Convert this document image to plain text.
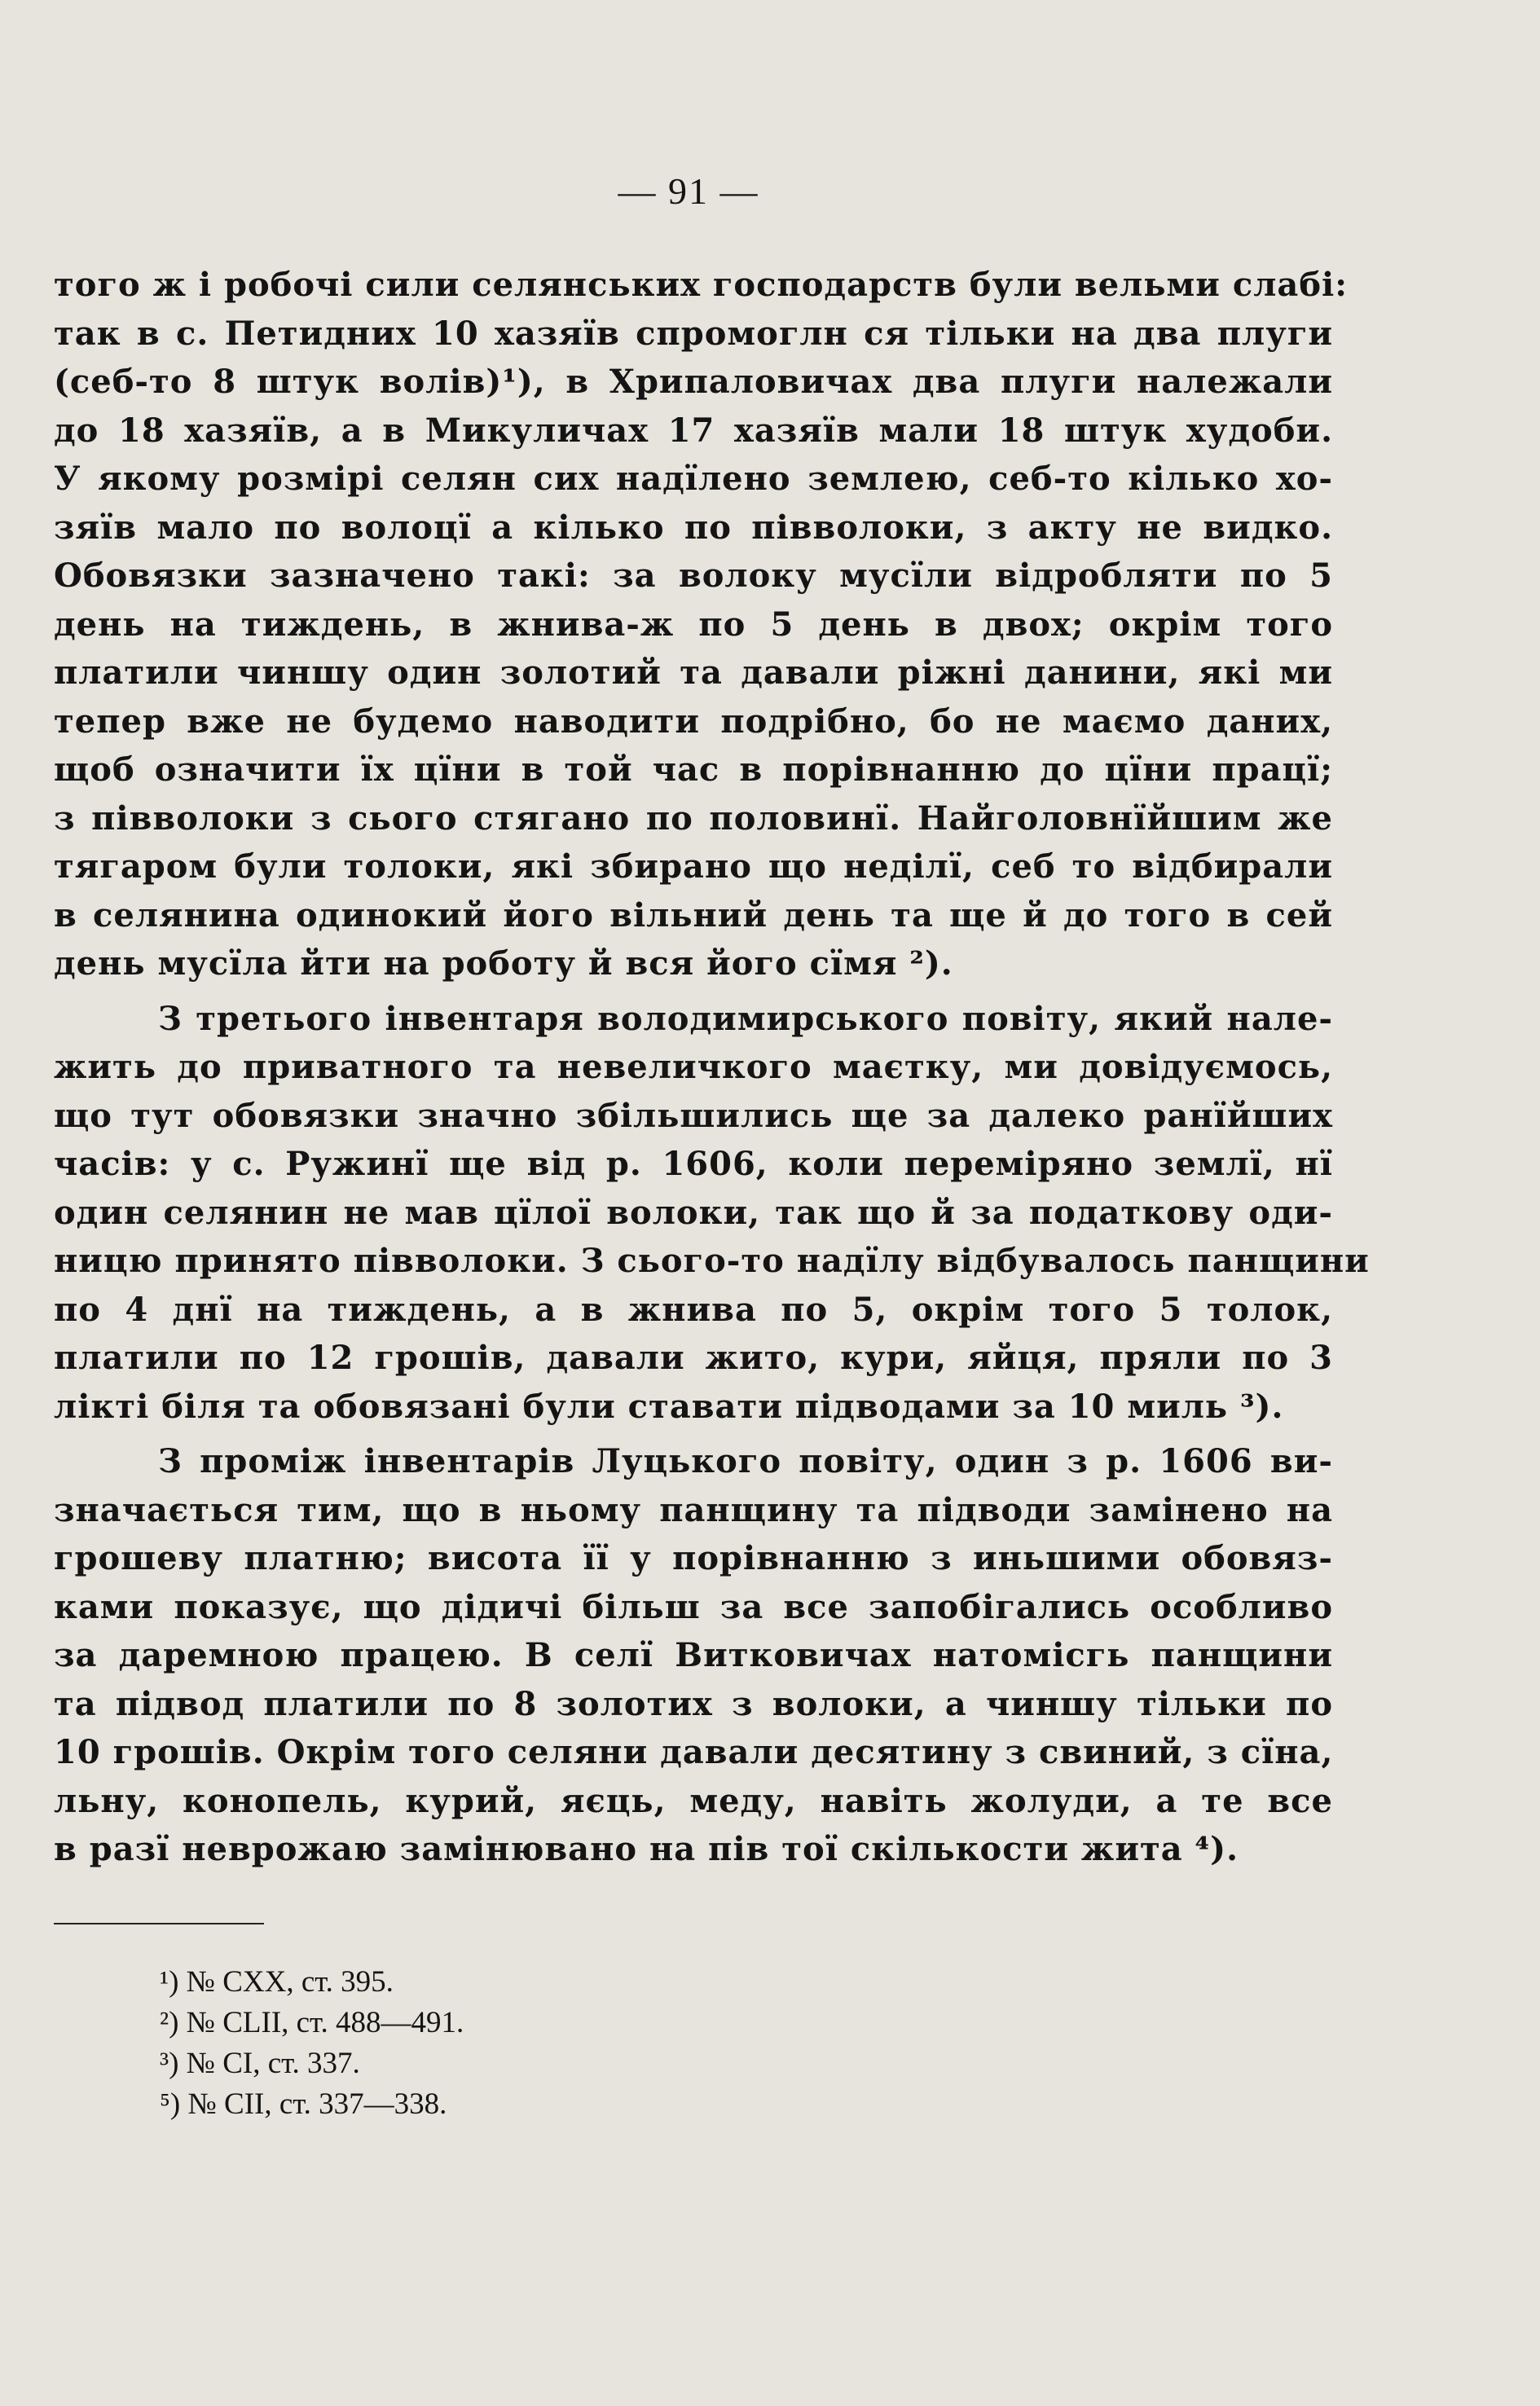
— 91 —
того ж і робочі сили селянських господарств були вельми слабі:
так в с. Петидних 10 хазяїв спромоглн ся тільки на два плуги
(себ-то 8 штук волів)¹), в Хрипаловичах два плуги належали
до 18 хазяїв, а в Микуличах 17 хазяїв мали 18 штук худоби.
У якому розмірі селян сих надїлено землею, себ-то кілько хо-
зяїв мало по волоцї а кілько по півволоки, з акту не видко.
Обовязки зазначено такі: за волоку мусїли відробляти по 5
день на тиждень, в жнива-ж по 5 день в двох; окрім того
платили чиншу один золотий та давали ріжні данини, які ми
тепер вже не будемо наводити подрібно, бо не маємо даних,
щоб означити їх цїни в той час в порівнанню до цїни працї;
з півволоки з сього стягано по половинї. Найголовнїйшим же
тягаром були толоки, які збирано що неділї, себ то відбирали
в селянина одинокий його вільний день та ще й до того в сей
день мусїла йти на роботу й вся його сїмя ²).
З третього інвентаря володимирського повіту, який нале-
жить до приватного та невеличкого маєтку, ми довідуємось,
що тут обовязки значно збільшились ще за далеко ранїйших
часів: у с. Ружинї ще від р. 1606, коли переміряно землї, нї
один селянин не мав цїлої волоки, так що й за податкову оди-
ницю принято півволоки. З сього-то надїлу відбувалось панщини
по 4 днї на тиждень, а в жнива по 5, окрім того 5 толок,
платили по 12 грошів, давали жито, кури, яйця, пряли по 3
лікті біля та обовязані були ставати підводами за 10 миль ³).
З проміж інвентарів Луцького повіту, один з р. 1606 ви-
значається тим, що в ньому панщину та підводи замінено на
грошеву платню; висота її у порівнанню з иньшими обовяз-
ками показує, що дідичі більш за все запобігались особливо
за даремною працею. В селї Витковичах натомісгь панщини
та підвод платили по 8 золотих з волоки, а чиншу тільки по
10 грошів. Окрім того селяни давали десятину з свиний, з сїна,
льну, конопель, курий, яєць, меду, навіть жолуди, а те все
в разї неврожаю замінювано на пів тої скількости жита ⁴).
¹) № CXX, ст. 395.
²) № CLII, ст. 488—491.
³) № CI, ст. 337.
⁵) № CII, ст. 337—338.
